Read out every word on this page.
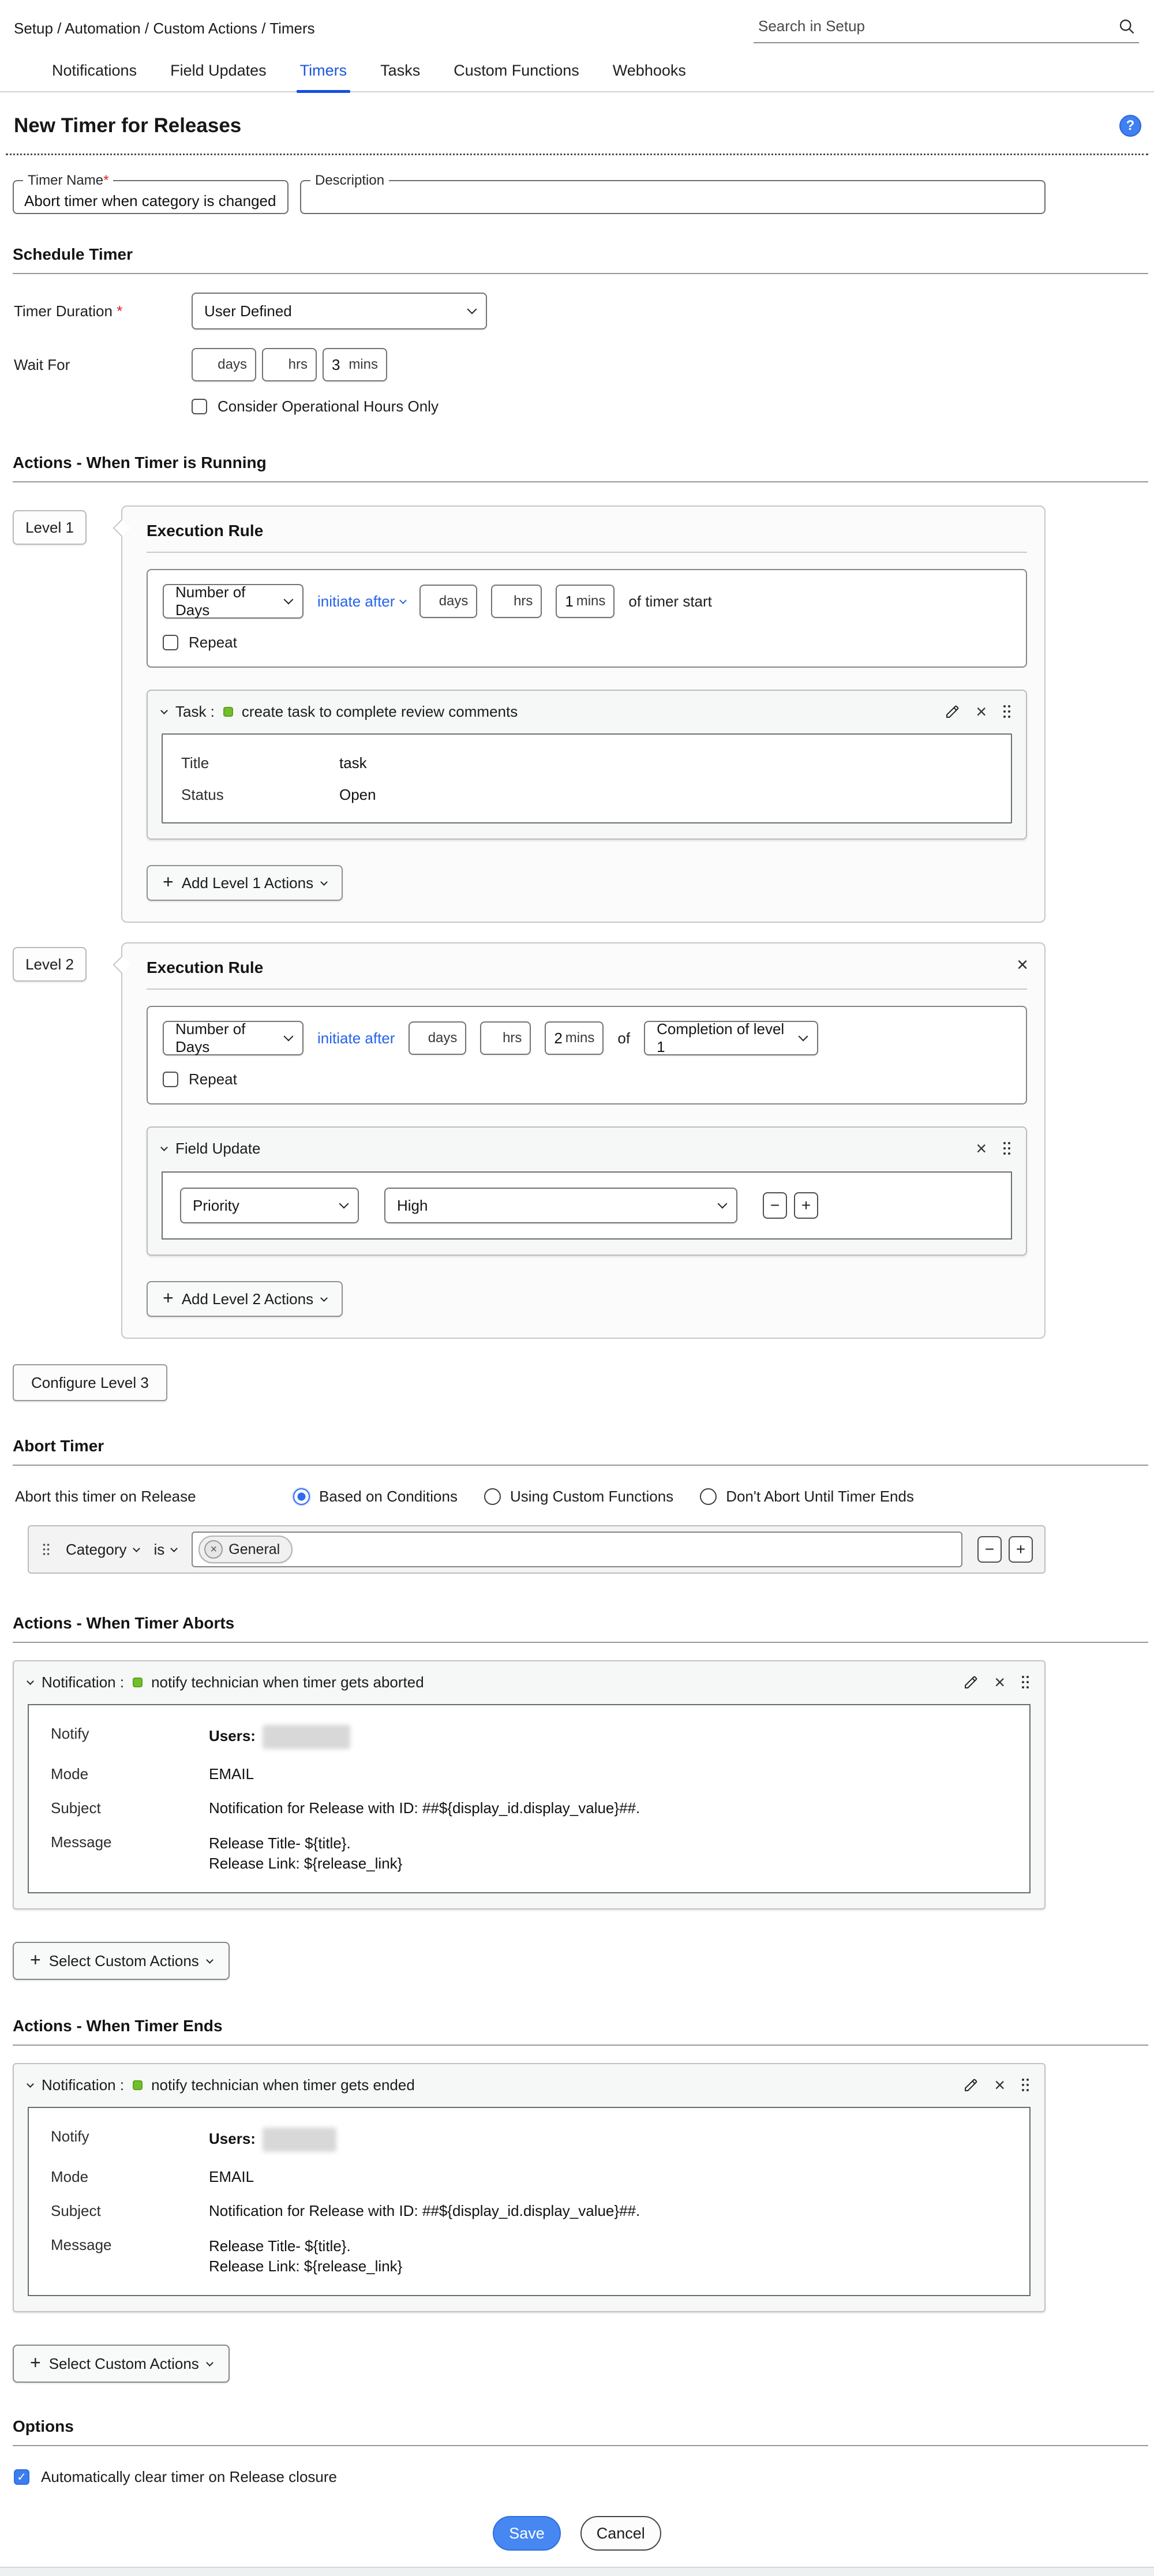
Setup / Automation / Custom Actions / Timers
Search in Setup
Notifications Field Updates Timers Tasks Custom Functions Webhooks
New Timer for Releases	?
Timer Name*
Abort timer when category is changed
Description
Schedule Timer
Timer Duration *	User Defined
Wait For	days	hrs 3 mins
Consider Operational Hours Only
Actions - When Timer is Running
Level 1	Execution Rule
Number of Days
initiate after	days	hrs 1 mins of timer start
Repeat
Task : create task to complete review comments	×
Title	task
Status	Open
+ Add Level 1 Actions
Level 2	×
Execution Rule
Number of Days
initiate after days	hrs 2 mins of
Completion of level 1
Repeat
Field Update	×
Priority	High	−	+
+ Add Level 2 Actions
Configure Level 3
Abort Timer
Abort this timer on Release	Based on Conditions	Using Custom Functions	Don't Abort Until Timer Ends
Category is	× General	−	+
Actions - When Timer Aborts
Notification : notify technician when timer gets aborted	×
Notify	Users:
Mode	EMAIL
Subject	Notification for Release with ID: ##${display_id.display_value}##.
Message	Release Title- ${title}.
Release Link: ${release_link}
+ Select Custom Actions
Actions - When Timer Ends
Notification : notify technician when timer gets ended	×
Notify	Users:
Mode	EMAIL
Subject	Notification for Release with ID: ##${display_id.display_value}##.
Message	Release Title- ${title}.
Release Link: ${release_link}
+ Select Custom Actions
Options
✓ Automatically clear timer on Release closure
Save	Cancel
